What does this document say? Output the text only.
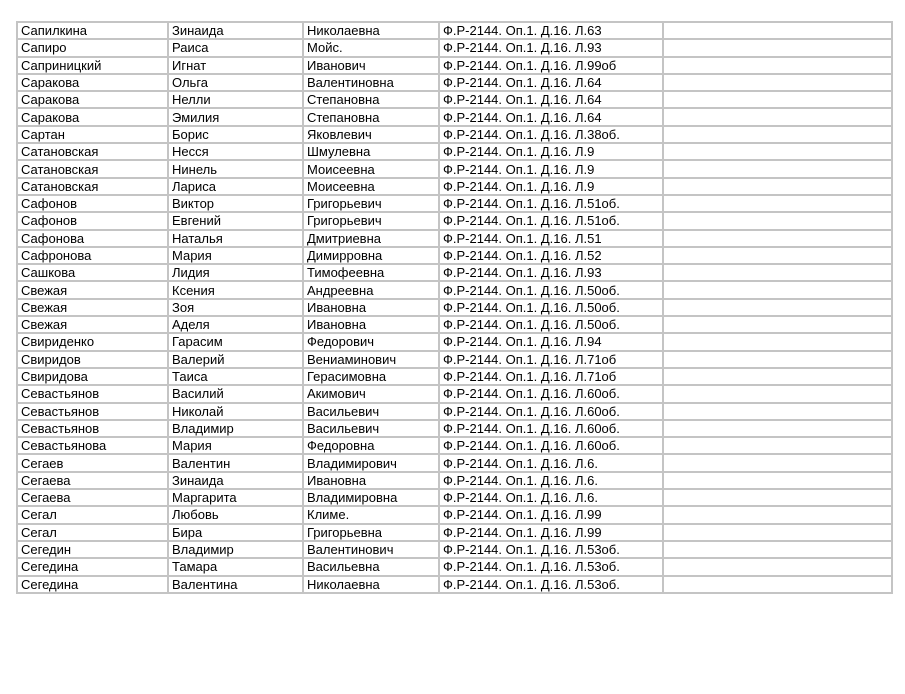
Сапилкина	Зинаида	Николаевна	Ф.Р-2144. Оп.1. Д.16. Л.63	
Сапиро	Раиса	Мойс.	Ф.Р-2144. Оп.1. Д.16. Л.93	
Саприницкий	Игнат	Иванович	Ф.Р-2144. Оп.1. Д.16. Л.99об	
Саракова	Ольга	Валентиновна	Ф.Р-2144. Оп.1. Д.16. Л.64	
Саракова	Нелли	Степановна	Ф.Р-2144. Оп.1. Д.16. Л.64	
Саракова	Эмилия	Степановна	Ф.Р-2144. Оп.1. Д.16. Л.64	
Сартан	Борис	Яковлевич	Ф.Р-2144. Оп.1. Д.16. Л.38об.	
Сатановская	Несся	Шмулевна	Ф.Р-2144. Оп.1. Д.16. Л.9	
Сатановская	Нинель	Моисеевна	Ф.Р-2144. Оп.1. Д.16. Л.9	
Сатановская	Лариса	Моисеевна	Ф.Р-2144. Оп.1. Д.16. Л.9	
Сафонов	Виктор	Григорьевич	Ф.Р-2144. Оп.1. Д.16. Л.51об.	
Сафонов	Евгений	Григорьевич	Ф.Р-2144. Оп.1. Д.16. Л.51об.	
Сафонова	Наталья	Дмитриевна	Ф.Р-2144. Оп.1. Д.16. Л.51	
Сафронова	Мария	Димирровна	Ф.Р-2144. Оп.1. Д.16. Л.52	
Сашкова	Лидия	Тимофеевна	Ф.Р-2144. Оп.1. Д.16. Л.93	
Свежая	Ксения	Андреевна	Ф.Р-2144. Оп.1. Д.16. Л.50об.	
Свежая	Зоя	Ивановна	Ф.Р-2144. Оп.1. Д.16. Л.50об.	
Свежая	Аделя	Ивановна	Ф.Р-2144. Оп.1. Д.16. Л.50об.	
Свириденко	Гарасим	Федорович	Ф.Р-2144. Оп.1. Д.16. Л.94	
Свиридов	Валерий	Вениаминович	Ф.Р-2144. Оп.1. Д.16. Л.71об	
Свиридова	Таиса	Герасимовна	Ф.Р-2144. Оп.1. Д.16. Л.71об	
Севастьянов	Василий	Акимович	Ф.Р-2144. Оп.1. Д.16. Л.60об.	
Севастьянов	Николай	Васильевич	Ф.Р-2144. Оп.1. Д.16. Л.60об.	
Севастьянов	Владимир	Васильевич	Ф.Р-2144. Оп.1. Д.16. Л.60об.	
Севастьянова	Мария	Федоровна	Ф.Р-2144. Оп.1. Д.16. Л.60об.	
Сегаев	Валентин	Владимирович	Ф.Р-2144. Оп.1. Д.16. Л.6.	
Сегаева	Зинаида	Ивановна	Ф.Р-2144. Оп.1. Д.16. Л.6.	
Сегаева	Маргарита	Владимировна	Ф.Р-2144. Оп.1. Д.16. Л.6.	
Сегал	Любовь	Климе.	Ф.Р-2144. Оп.1. Д.16. Л.99	
Сегал	Бира	Григорьевна	Ф.Р-2144. Оп.1. Д.16. Л.99	
Сегедин	Владимир	Валентинович	Ф.Р-2144. Оп.1. Д.16. Л.53об.	
Сегедина	Тамара	Васильевна	Ф.Р-2144. Оп.1. Д.16. Л.53об.	
Сегедина	Валентина	Николаевна	Ф.Р-2144. Оп.1. Д.16. Л.53об.	
